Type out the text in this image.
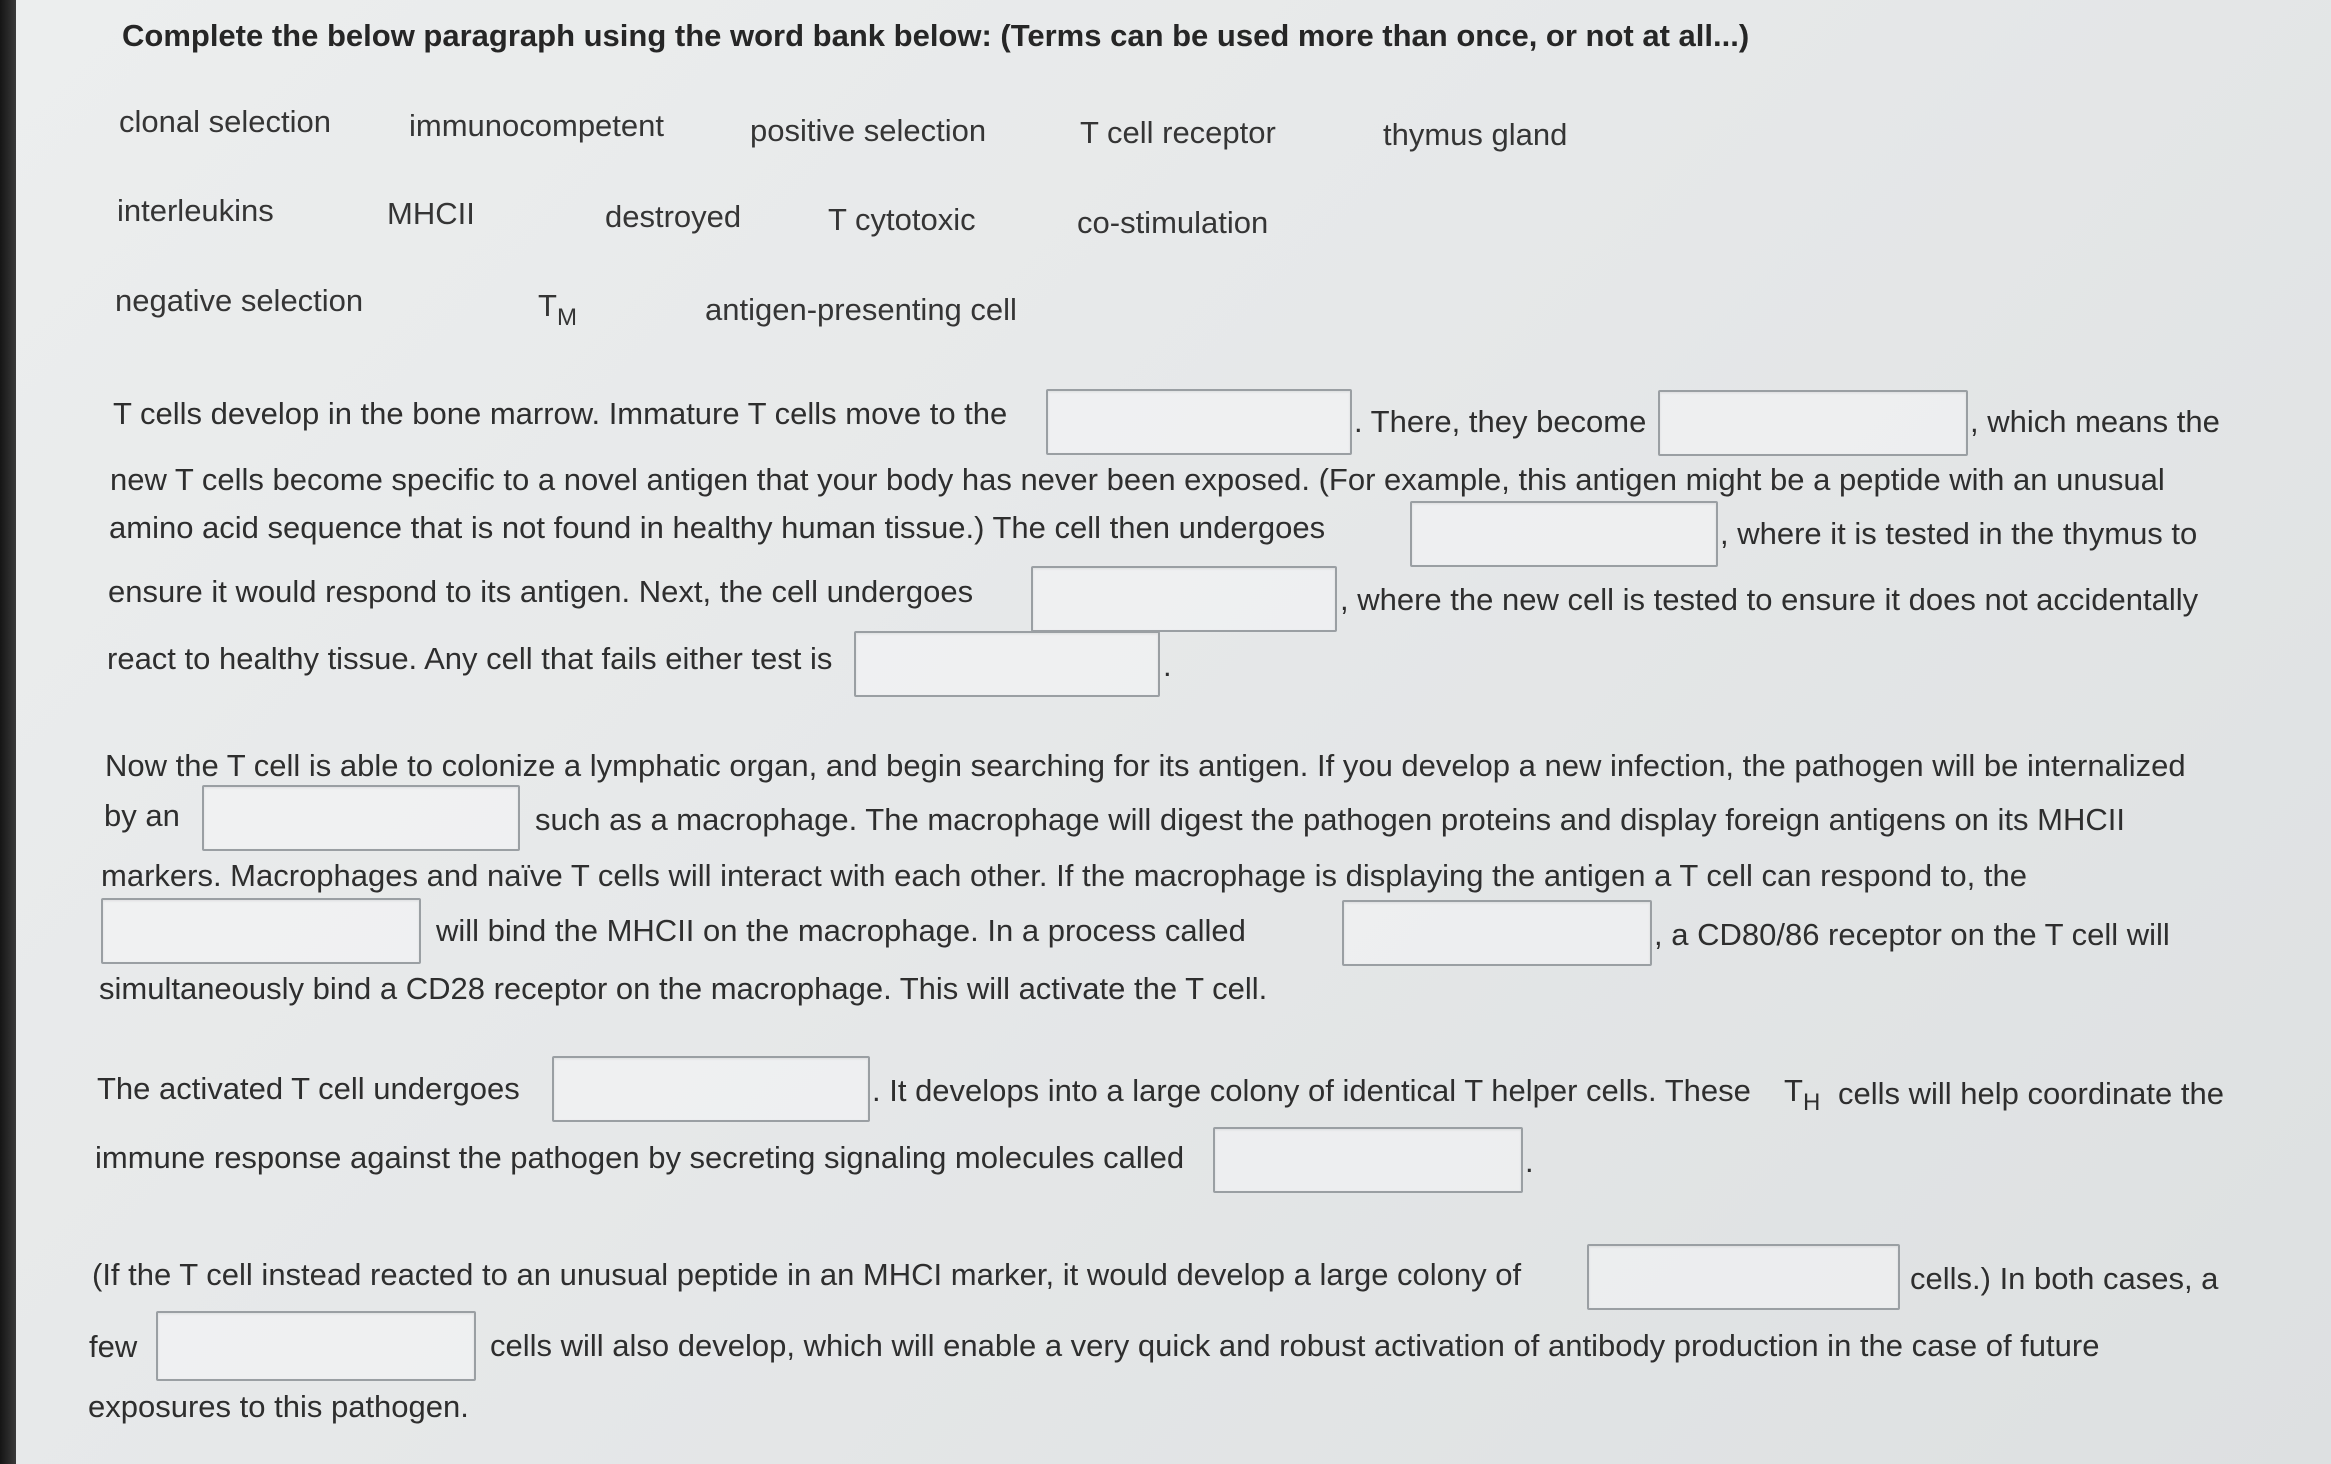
Complete the below paragraph using the word bank below: (Terms can be used more than once, or not at all...)
clonal selection	immunocompetent	positive selection	T cell receptor	thymus gland
interleukins	MHCII	destroyed	T cytotoxic	co-stimulation
negative selection	$T_M$	antigen-presenting cell
T cells develop in the bone marrow. Immature T cells move to the	. There, they become	, which means the
new T cells become specific to a novel antigen that your body has never been exposed. (For example, this antigen might be a peptide with an unusual
amino acid sequence that is not found in healthy human tissue.) The cell then undergoes	, where it is tested in the thymus to
ensure it would respond to its antigen. Next, the cell undergoes	, where the new cell is tested to ensure it does not accidentally
react to healthy tissue. Any cell that fails either test is	.
Now the T cell is able to colonize a lymphatic organ, and begin searching for its antigen. If you develop a new infection, the pathogen will be internalized
by an	such as a macrophage. The macrophage will digest the pathogen proteins and display foreign antigens on its MHCII
markers. Macrophages and naïve T cells will interact with each other. If the macrophage is displaying the antigen a T cell can respond to, the
will bind the MHCII on the macrophage. In a process called	, a CD80/86 receptor on the T cell will
simultaneously bind a CD28 receptor on the macrophage. This will activate the T cell.
The activated T cell undergoes	. It develops into a large colony of identical T helper cells. These $T_H$ cells will help coordinate the
immune response against the pathogen by secreting signaling molecules called	.
(If the T cell instead reacted to an unusual peptide in an MHCI marker, it would develop a large colony of	cells.) In both cases, a
few	cells will also develop, which will enable a very quick and robust activation of antibody production in the case of future
exposures to this pathogen.
